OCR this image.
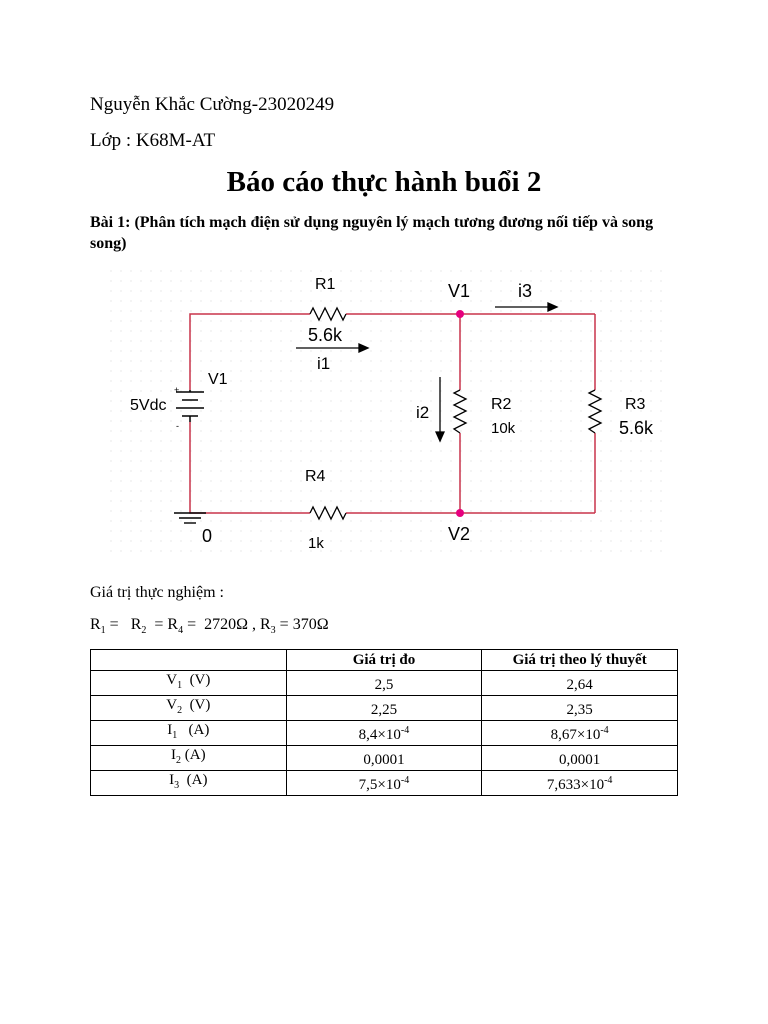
Nguyễn Khắc Cường-23020249
Lớp : K68M-AT
Báo cáo thực hành buổi 2
Bài 1: (Phân tích mạch điện sử dụng nguyên lý mạch tương đương nối tiếp và song song)
+
-
R1
5.6k
i1
V1	i3
V1
5Vdc	i2	R2
10k
R3
5.6k
R4
1k
0	V2
Giá trị thực nghiệm :
$R_1 = R_2 = R_4 = 2720\Omega$ , $R_3 = 370\Omega$
	Giá trị đo	Giá trị theo lý thuyết
$V_1$  (V)	2,5	2,64
$V_2$  (V)	2,25	2,35
$I_1$   (A)	$8,4\times 10^{-4}$	$8,67\times 10^{-4}$
$I_2$ (A)	0,0001	0,0001
$I_3$  (A)	$7,5\times 10^{-4}$	$7,633\times 10^{-4}$
